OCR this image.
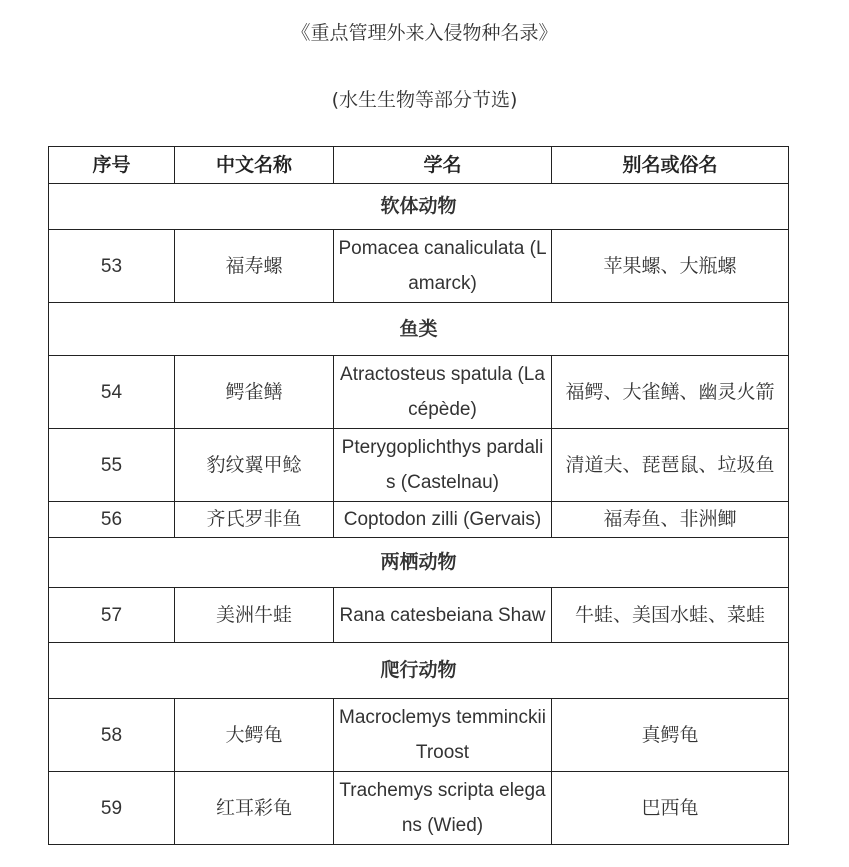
《重点管理外来入侵物种名录》
(水生生物等部分节选)
序号	中文名称	学名	别名或俗名
软体动物			
53	福寿螺	Pomacea canaliculata (Lamarck)	苹果螺、大瓶螺
鱼类			
54	鳄雀鳝	Atractosteus spatula (Lacépède)	福鳄、大雀鳝、幽灵火箭
55	豹纹翼甲鲶	Pterygoplichthys pardalis (Castelnau)	清道夫、琵琶鼠、垃圾鱼
56	齐氏罗非鱼	Coptodon zilli (Gervais)	福寿鱼、非洲鲫
两栖动物			
57	美洲牛蛙	Rana catesbeiana Shaw	牛蛙、美国水蛙、菜蛙
爬行动物			
58	大鳄龟	Macroclemys temminckii Troost	真鳄龟
59	红耳彩龟	Trachemys scripta elegans (Wied)	巴西龟
